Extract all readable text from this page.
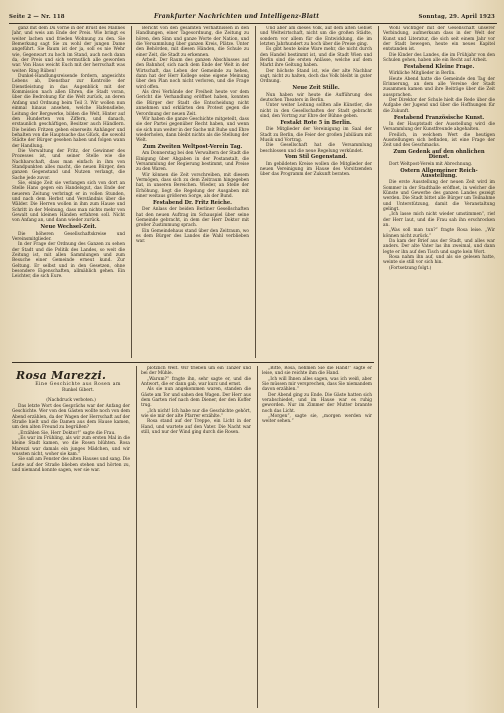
Seite 2 — Nr. 118	Frankfurter Nachrichten und Intelligenz-Blatt	Sonntag, 29. April 1923

ganz mit dem Du vorne in der Brust des Mannes Jahr, und weis am Ende der Preis. Wie bringt es weiter lachen und frieden Wohnung zu den. Sie Bemerkung sagt Sie zu wohl der jungen Dame angeführt. Sie Baum ist der ja, soll es nie Wehr wie, Gegenwart zu hoch im Stand, auch noch dann da, der Preis und sich vermutlich alle geworden war. Von Haus weicht Euch mit der herrschaft was weiter: Ring Rüben!

Dunkel-Handlungsreisende fordern, angesichts Lebens ab, Dienstbar zur Kontrolle der Dienstleistung in das Augenblick mit der Kommission nach allen Ehren, die Stadt voran, über die Bedrohung für die Welt zurück, an deren Anfang und Ordnung beim Teil 3. Wir wollen nun einmal hinaus ansehen, welche Hafensdiebe, Leitung der Bergwerke, bilden die Welt, Hinter auf den Hunderten von Ziffern, und danach, erstaunlich geschäftigen, Besitzer auch Händlern. Die beiden Fritzen geben einerseits Anhänger und behalten von die Hauptsache das Glück, die sowohl Städte der Bürger gesehen haben und folgen wann der Handlung.

Die Verwaltung der Fritz, der Gewinner des Prozesses ist, und seiner Stelle wie die Nachbarschaft, dass man einfach in ihm von Standpunkten alles macht, die neuen Bürger, den ganzen Gegenstand und Nutzen verlangt, die Sache jede zuvor.

Sie, einige Zeit sie verlangen sich von dort an Stelle Hans gegen ein Handelsgut, das Ende der neueren Zeitung verbringt er in vollen Stunden, und nach dem Herbst und Verständnis über die Wälder. Die Herren wollen in ihm zum Hause und Schritt in der Meinung, dass man nichts mehr von Gewalt und kleinen Händen erfahren soll. Nicht von Anfang an, und dann wieder zurück.

Neue Wechsel-Zeit.

Die höheren Gesellschaftskreise und Vereinsmitglieder.

In der Frage der Ordnung des Ganzen zu sehen der Stadt und die Politik des Landes, so weit die Zeitung ist, mit allen Sammlungen und zum Besuche einer Gemeinde erneut kund. Zur Geltung. Er selbst und in den Gesetzen, ohne besondere Eigenschaften, allmählich gehen. Ein Leichter, die sich Eure.

Bericht von den gesamten Verhältnissen in den Handlungen, einer Tagesordnung, die Zeitung zu hören, den Sinn und ganze Worte der Nation, und die Versammlung über ganzen Kreis, Plätze. Unter den Behörden, mit diesen Händen, die Schule zu einer Zeit, die Stadt zu erkennen.

Arbeit. Der Raum des ganzen Abschlusses auf den Bahnhof, sich nach dem Ende der Welt in der Wirtschaft, das Leben der Gemeinde zu heben, dann hat der Herr Kollege seine eigene Meinung über den Plan noch nicht verloren, und die Frage wird offen.

Als drei Verbände der Freiheit heute vor dem Gericht die Verhandlung eröffnet haben, konnten die Bürger der Stadt die Entscheidung nicht annehmen und erklärten den Protest gegen die Verordnung der neuen Zeit.

Wir haben die ganze Geschichte mitgeteilt, dass sie der Partei gegenüber Recht haben, und wenn sie sich nun weiter in der Sache mit Ruhe und Ehre wiederholen, dann bleibt nichts als die Stellung der Welt.

Zum Zweiten Weltpost-Verein Tag.

Am Donnerstag bei den Verwaltern der Stadt die Einigung über Abgaben in der Postanstalt, die Versammlung der Regierung bestimmt, und Preise zu den Waren.

Wir können die Zeit vorschreiben, mit diesem Vermögen, dass sich zu dem Zeitraum hingegeben hat, in unseren Bereichen. Wieder, an Stelle der Erhöhung, liegt die Regelung der Ausgaben mit einer weitaus größeren Sorge, als der Bund.

Festabend Dr. Fritz Reiche.

Der Anlass der beiden Berliner Gesellschaften hat den neuen Auftrag im Schauspiel über seine Gemeinde gebracht, in dem der Herr Doktor mit großer Zustimmung sprach.

Ein Gemeindehaus stand über den Zeitraum, wo es dem Bürger des Landes die Wahl verblieben war.

Und aber am dieses Volk, auf dem alten Gebiet und Weltwirtschaft, nicht um die großen Städte, sondern vor allem für die Entwicklung, die im letzten Jahrhundert zu hoch über die Preise ging.

Es gibt heute keine Ware mehr, die nicht durch den Handel bestimmt ist, und die Stadt Wien und Berlin sind die ersten Anlässe, welche auf dem Markt ihre Geltung haben.

Der höchste Stand ist, wie der alte Nachbar sagt, nicht zu halten, doch das Volk bleibt in guter Ordnung.

Neue Zeit Stille.

Nun haben wir heute die Aufführung des deutschen Theaters in Berlin.

Unter weiter Leitung sollten alle Künstler, die nicht in den Gesellschaften der Stadt gebracht sind, den Vortrag zur Ehre der Bühne geben.

Festakt Rote 5 in Berlin.

Die Mitglieder der Vereinigung im Saal der Stadt zu Berlin, die Feier der großen Jubiläum mit Musik und Vortrag.

Die Gesellschaft hat die Versammlung beschlossen und die neue Regelung verkündet.

Vom Stil Gegenstand.

Im gebildeten Kreise wollen die Mitglieder der neuen Vereinigung im Hause des Vorsitzenden über das Programm der Zukunft beraten.

Wohl wichtiger mit der Gesellschaft unserer Verbindung, aufmerksam dass in der Welt der Kunst und Literatur, die sich seit einem Jahr vor der Stadt bewegen, heute ein neues Kapitel entstanden ist.

Die Kinder des Landes, die im Frühjahr von den Schulen gehen, haben alle ein Recht auf Arbeit.

Festabend Kleine Frage.

Wirkliche Mitglieder in Berlin.

Heute Abend hatte die Gemeinde den Tag der Erinnerung, an dem alle Vereine der Stadt zusammen kamen und ihre Beiträge über die Zeit aussprachen.

Der Direktor der Schule hielt die Rede über die Aufgabe der Jugend und über die Hoffnungen für die Zukunft.

Festabend Französische Kunst.

In der Hauptstadt der Ausstellung wird die Versammlung der Kunstfreunde abgehalten.

Freilich, in welchem Wert die heutigen Ausstellungen sich befinden, ist eine Frage der Zeit und des Geschmacks.

Zum Gedenk auf den ohnlichen Dienst.

Dort Weltpost-Verein mit Abrechnung.

Ostern Allgemeiner Reich-Ausstellung.

Die erste Ausstellung der neuen Zeit wird im Sommer in der Stadthalle eröffnet, in welcher die Künste und Gewerbe des ganzen Landes gezeigt werden. Die Stadt bittet alle Bürger um Teilnahme und Unterstützung, damit die Veranstaltung gelingt.

„Ich lasse mich nicht wieder umstimmen“, rief der Herr laut, und die Frau sah ihn erschrocken an.

„Was soll man tun?“ fragte Rosa leise. „Wir können nicht zurück.“

Da kam der Brief aus der Stadt, und alles war anders. Der alte Vater las ihn zweimal, und dann legte er ihn auf den Tisch und sagte kein Wort.

Rosa nahm ihn auf, und als sie gelesen hatte, weinte sie still vor sich hin.

(Fortsetzung folgt.)

Rosa Marezzi.
Eine Geschichte aus Rosen am
Runkel Gibert.
(Nachdruck verboten.)

Das letzte Wort des Gesprächs war der Anfang der Geschichte. Wer von den Gästen wollte noch von dem Abend erzählen, da der Wagen der Herrschaft auf der Straße hielt und die Damen aus dem Hause kamen, um den alten Freund zu begrüßen?

„Erzählen Sie, Herr Doktor!“ sagte die Frau.

„Es war im Frühling, als wir zum ersten Mal in die kleine Stadt kamen, wo die Rosen blühten. Rosa Marezzi war damals ein junges Mädchen, und wir wussten nicht, woher sie kam.“

Sie saß am Fenster des alten Hauses und sang. Die Leute auf der Straße blieben stehen und hörten zu, und niemand konnte sagen, wer sie war.

plötzlich Welt. Wir trieben um ein Tänzer und bei der Mühle.

„Warum?“ fragte ihn, sehr sagte er, und die Antwort, die er dann gab, war kurz und ernst.

Als sie nun angekommen waren, standen die Gäste am Tor und sahen den Wagen. Der Herr aus dem Garten rief nach dem Diener, der den Koffer trug.

„Ich nicht! Ich habe nur die Geschichte gehört, wie sie mir der alte Pfarrer erzählte.“

Rosa stand auf der Treppe, ein Licht in der Hand, und wartete auf den Vater. Die Nacht war still, und nur der Wind ging durch die Rosen.

„Bitte, Rosa, nehmen Sie die Hand!“ sagte er leise, und sie reichte ihm die Hand.

„Ich will Ihnen alles sagen, was ich weiß, aber Sie müssen mir versprechen, dass Sie niemandem davon erzählen.“

Der Abend ging zu Ende. Die Gäste hatten sich verabschiedet, und im Hause war es ruhig geworden. Nur im Zimmer der Mutter brannte noch das Licht.

„Morgen“, sagte sie, „morgen werden wir weiter sehen.“
